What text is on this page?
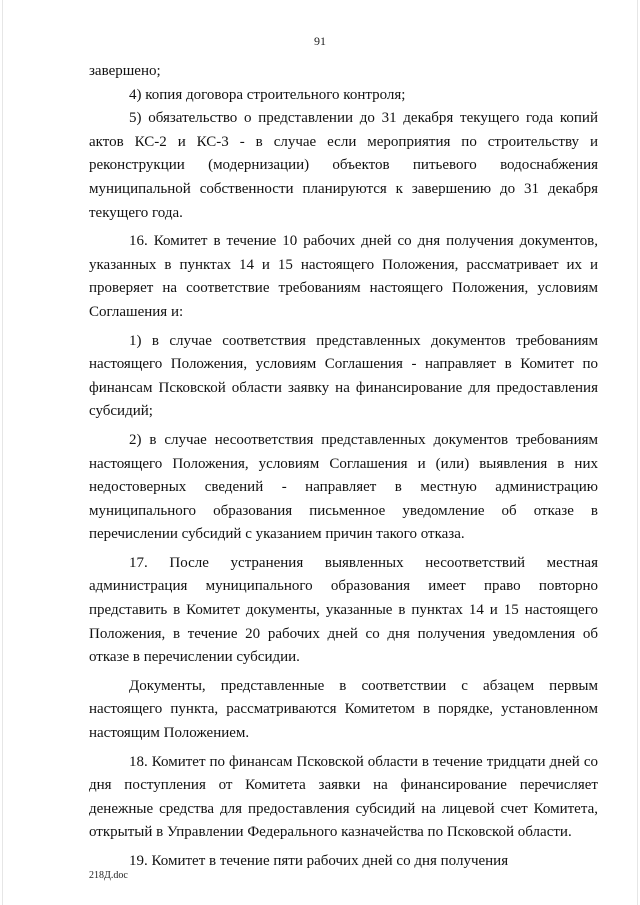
91

завершено;

4) копия договора строительного контроля;

5) обязательство о представлении до 31 декабря текущего года копий актов КС-2 и КС-3 - в случае если мероприятия по строительству и реконструкции (модернизации) объектов питьевого водоснабжения муниципальной собственности планируются к завершению до 31 декабря текущего года.

16. Комитет в течение 10 рабочих дней со дня получения документов, указанных в пунктах 14 и 15 настоящего Положения, рассматривает их и проверяет на соответствие требованиям настоящего Положения, условиям Соглашения и:

1) в случае соответствия представленных документов требованиям настоящего Положения, условиям Соглашения - направляет в Комитет по финансам Псковской области заявку на финансирование для предоставления субсидий;

2) в случае несоответствия представленных документов требованиям настоящего Положения, условиям Соглашения и (или) выявления в них недостоверных сведений - направляет в местную администрацию муниципального образования письменное уведомление об отказе в перечислении субсидий с указанием причин такого отказа.

17. После устранения выявленных несоответствий местная администрация муниципального образования имеет право повторно представить в Комитет документы, указанные в пунктах 14 и 15 настоящего Положения, в течение 20 рабочих дней со дня получения уведомления об отказе в перечислении субсидии.

Документы, представленные в соответствии с абзацем первым настоящего пункта, рассматриваются Комитетом в порядке, установленном настоящим Положением.

18. Комитет по финансам Псковской области в течение тридцати дней со дня поступления от Комитета заявки на финансирование перечисляет денежные средства для предоставления субсидий на лицевой счет Комитета, открытый в Управлении Федерального казначейства по Псковской области.

19. Комитет в течение пяти рабочих дней со дня получения

218Д.doc
